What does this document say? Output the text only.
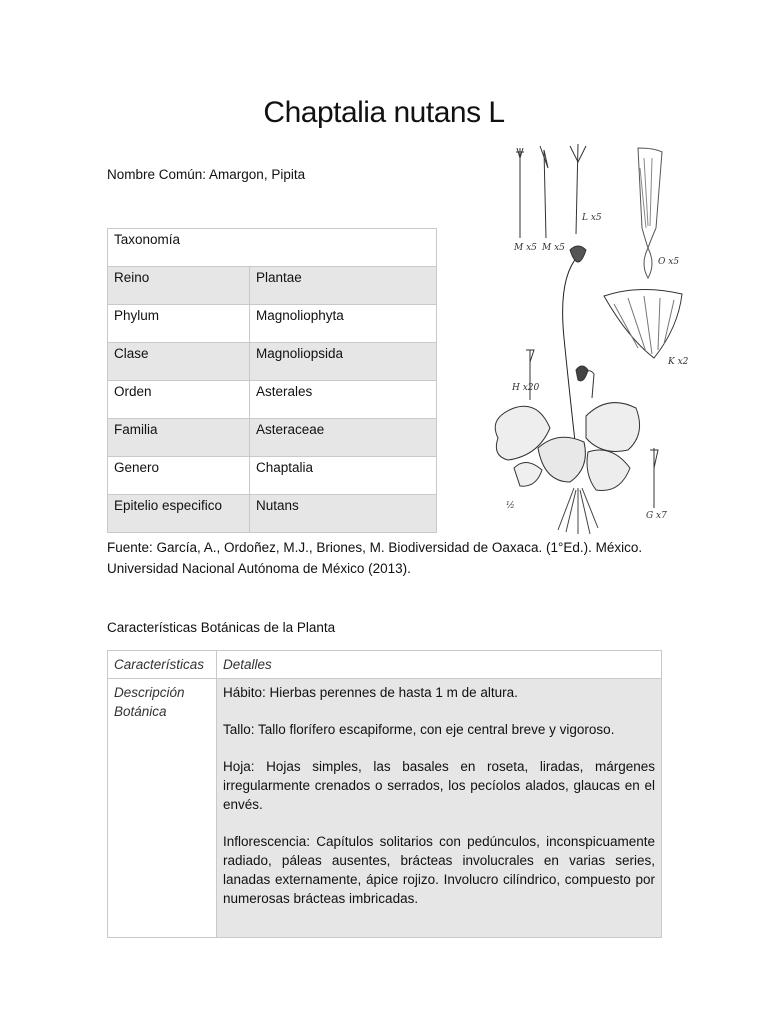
Chaptalia nutans L
Nombre Común: Amargon, Pipita
Taxonomía	
Reino	Plantae
Phylum	Magnoliophyta
Clase	Magnoliopsida
Orden	Asterales
Familia	Asteraceae
Genero	Chaptalia
Epitelio especifico	Nutans
M x5 M x5
L x5
O x5
K x2
H x20
G x7
½
Fuente: García, A., Ordoñez, M.J., Briones, M. Biodiversidad de Oaxaca. (1°Ed.). México. Universidad Nacional Autónoma de México (2013).
Características Botánicas de la Planta
Características	Detalles
Descripción Botánica	Hábito: Hierbas perennes de hasta 1 m de altura.

Tallo: Tallo florífero escapiforme, con eje central breve y vigoroso.

Hoja: Hojas simples, las basales en roseta, liradas, márgenes irregularmente crenados o serrados, los pecíolos alados, glaucas en el envés.

Inflorescencia: Capítulos solitarios con pedúnculos, inconspicuamente radiado, páleas ausentes, brácteas involucrales en varias series, lanadas externamente, ápice rojizo. Involucro cilíndrico, compuesto por numerosas brácteas imbricadas.
